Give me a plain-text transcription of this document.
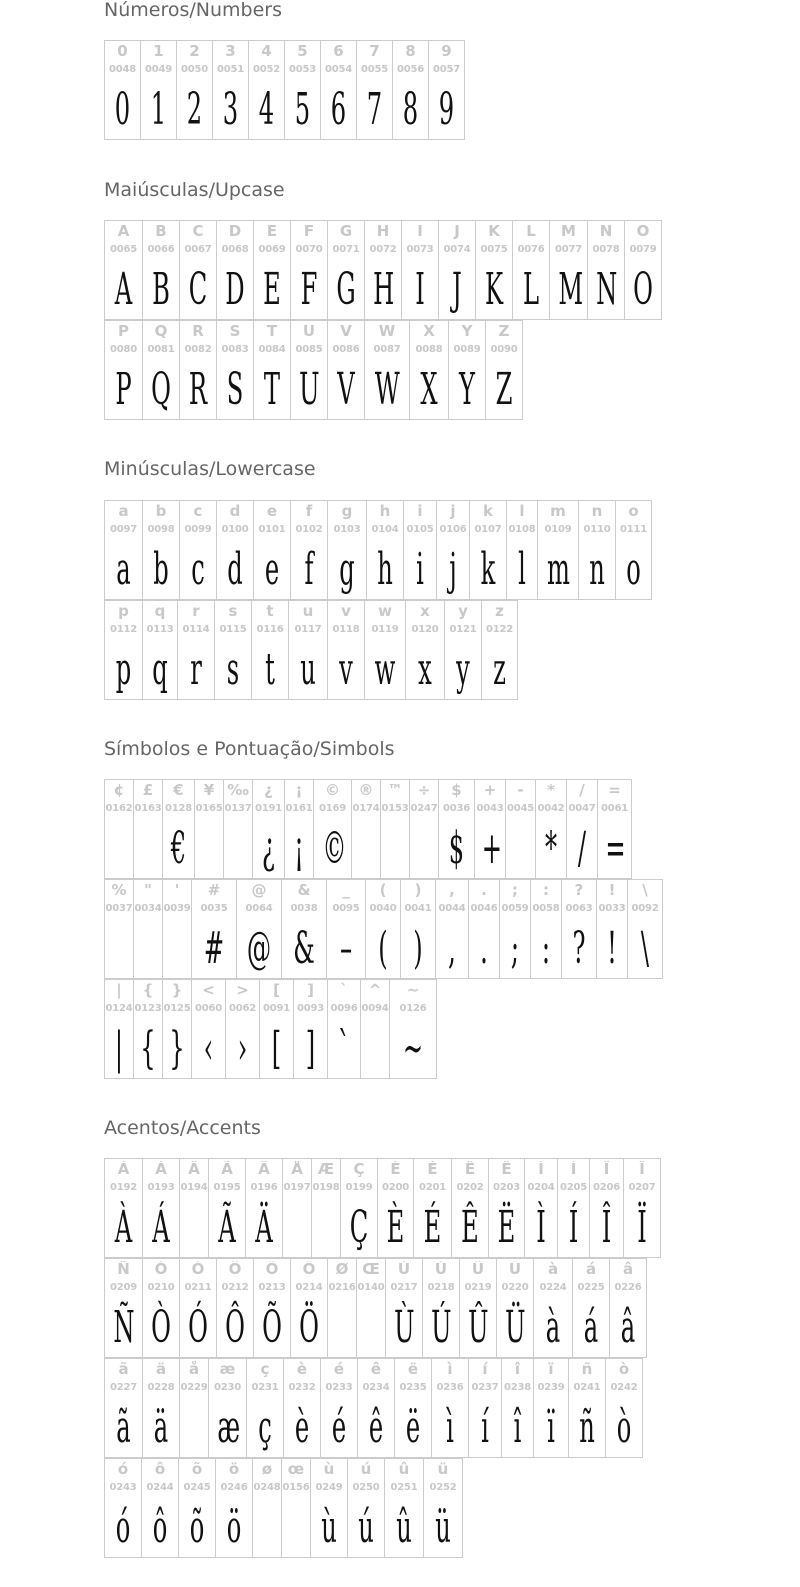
Números/Numbers
0
0048
0
1
0049
1
2
0050
2
3
0051
3
4
0052
4
5
0053
5
6
0054
6
7
0055
7
8
0056
8
9
0057
9
Maiúsculas/Upcase
A
0065
A
B
0066
B
C
0067
C
D
0068
D
E
0069
E
F
0070
F
G
0071
G
H
0072
H
I
0073
I
J
0074
J
K
0075
K
L
0076
L
M
0077
M
N
0078
N
O
0079
O
P
0080
P
Q
0081
Q
R
0082
R
S
0083
S
T
0084
T
U
0085
U
V
0086
V
W
0087
W
X
0088
X
Y
0089
Y
Z
0090
Z
Minúsculas/Lowercase
a
0097
a
b
0098
b
c
0099
c
d
0100
d
e
0101
e
f
0102
f
g
0103
g
h
0104
h
i
0105
i
j
0106
j
k
0107
k
l
0108
l
m
0109
m
n
0110
n
o
0111
o
p
0112
p
q
0113
q
r
0114
r
s
0115
s
t
0116
t
u
0117
u
v
0118
v
w
0119
w
x
0120
x
y
0121
y
z
0122
z
Símbolos e Pontuação/Simbols
¢
0162
£
0163
€
0128
€
¥
0165
‰
0137
¿
0191
¿
¡
0161
¡
©
0169
©
®
0174
™
0153
÷
0247
$
0036
$
+
0043
+
-
0045
*
0042
*
/
0047
/
=
0061
=
%
0037
"
0034
'
0039
#
0035
#
@
0064
@
&
0038
&
_
0095
–
(
0040
(
)
0041
)
,
0044
,
.
0046
.
;
0059
;
:
0058
:
?
0063
?
!
0033
!
\
0092
\
|
0124
|
{
0123
{
}
0125
}
<
0060
‹
>
0062
›
[
0091
[
]
0093
]
`
0096
`
^
0094
~
0126
~
Acentos/Accents
À
0192
À
Á
0193
Á
Â
0194
Ã
0195
Ã
Ä
0196
Ä
Å
0197
Æ
0198
Ç
0199
Ç
È
0200
È
É
0201
É
Ê
0202
Ê
Ë
0203
Ë
Ì
0204
Ì
Í
0205
Í
Î
0206
Î
Ï
0207
Ï
Ñ
0209
Ñ
Ò
0210
Ò
Ó
0211
Ó
Ô
0212
Ô
Õ
0213
Õ
Ö
0214
Ö
Ø
0216
Œ
0140
Ù
0217
Ù
Ú
0218
Ú
Û
0219
Û
Ü
0220
Ü
à
0224
à
á
0225
á
â
0226
â
ã
0227
ã
ä
0228
ä
å
0229
æ
0230
æ
ç
0231
ç
è
0232
è
é
0233
é
ê
0234
ê
ë
0235
ë
ì
0236
ì
í
0237
í
î
0238
î
ï
0239
ï
ñ
0241
ñ
ò
0242
ò
ó
0243
ó
ô
0244
ô
õ
0245
õ
ö
0246
ö
ø
0248
œ
0156
ù
0249
ù
ú
0250
ú
û
0251
û
ü
0252
ü
